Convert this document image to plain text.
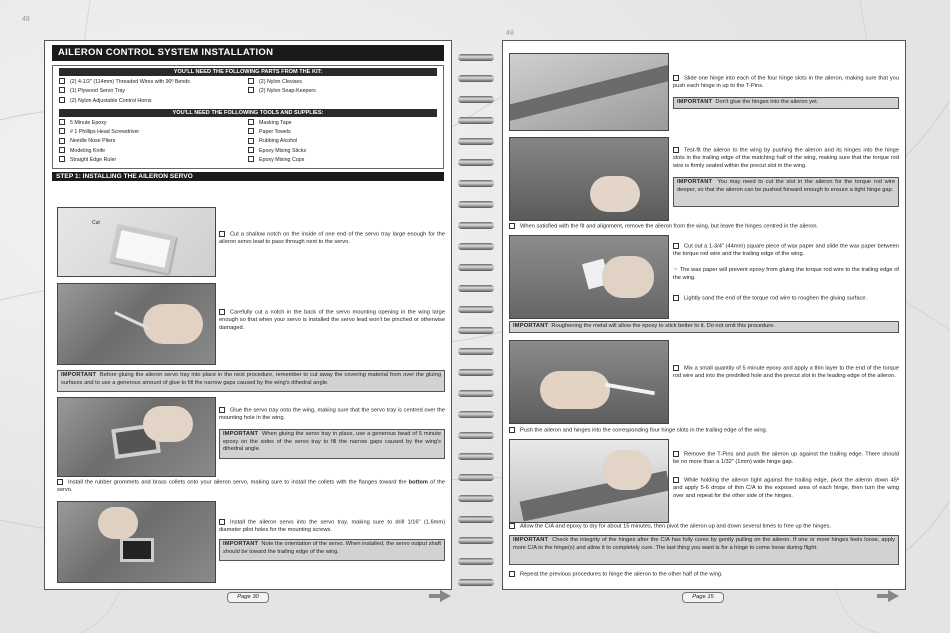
48
48
AILERON CONTROL SYSTEM INSTALLATION
YOU'LL NEED THE FOLLOWING PARTS FROM THE KIT:
(2) 4-1/2" (114mm) Threaded Wires with 90º Bends
(1) Plywood Servo Tray
(2) Nylon Adjustable Control Horns
(2) Nylon Clevises
(2) Nylon Snap-Keepers
YOU'LL NEED THE FOLLOWING TOOLS AND SUPPLIES:
5 Minute Epoxy
# 1 Phillips Head Screwdriver
Needle Nose Pliers
Modeling Knife
Straight Edge Ruler
Masking Tape
Paper Towels
Rubbing Alcohol
Epoxy Mixing Sticks
Epoxy Mixing Cups
STEP 1: INSTALLING THE AILERON SERVO
Cut
Cut a shallow notch on the inside of one end of the servo tray large enough for the aileron servo lead to pass through next to the servo.
Carefully cut a notch in the back of the servo mounting opening in the wing large enough so that when your servo is installed the servo lead won't be pinched or otherwise damaged.
IMPORTANT Before gluing the aileron servo tray into place in the next procedure, remember to cut away the covering material from over the gluing surfaces and to use a generous amount of glue to fill the narrow gaps caused by the wing's dihedral angle.
Glue the servo tray onto the wing, making sure that the servo tray is centred over the mounting hole in the wing.
IMPORTANT When gluing the servo tray in place, use a generous bead of 5 minute epoxy on the sides of the servo tray to fill the narrow gaps caused by the wing's dihedral angle.
Install the rubber grommets and brass collets onto your aileron servo, making sure to install the collets with the flanges toward the bottom of the servo.
Install the aileron servo into the servo tray, making sure to drill 1/16" (1.6mm) diameter pilot holes for the mounting screws.
IMPORTANT Note the orientation of the servo. When installed, the servo output shaft should be toward the trailing edge of the wing.
Page 30
Slide one hinge into each of the four hinge slots in the aileron, making sure that you push each hinge in up to the T-Pins.
IMPORTANT Don't glue the hinges into the aileron yet.
Test-fit the aileron to the wing by pushing the aileron and its hinges into the hinge slots in the trailing edge of the matching half of the wing, making sure that the torque rod wire is firmly seated within the precut slot in the wing.
IMPORTANT You may need to cut the slot in the aileron for the torque rod wire deeper, so that the aileron can be pushed forward enough to ensure a tight hinge gap.
When satisfied with the fit and alignment, remove the aileron from the wing, but leave the hinges centred in the aileron.
Cut out a 1-3/4" (44mm) square piece of wax paper and slide the wax paper between the torque rod wire and the trailing edge of the wing.
☞ The wax paper will prevent epoxy from gluing the torque rod wire to the trailing edge of the wing.
Lightly sand the end of the torque rod wire to roughen the gluing surface.
IMPORTANT Roughening the metal will allow the epoxy to stick better to it. Do not omit this procedure.
Mix a small quantity of 5 minute epoxy and apply a thin layer to the end of the torque rod wire and into the predrilled hole and the precut slot in the leading edge of the aileron.
Push the aileron and hinges into the corresponding four hinge slots in the trailing edge of the wing.
Remove the T-Pins and push the aileron up against the trailing edge. There should be no more than a 1/32" (1mm) wide hinge gap.
While holding the aileron tight against the trailing edge, pivot the aileron down 45º and apply 5-6 drops of thin C/A to the exposed area of each hinge, then turn the wing over and repeat for the other side of the hinges.
Allow the C/A and epoxy to dry for about 15 minutes, then pivot the aileron up and down several times to free up the hinges.
IMPORTANT Check the integrity of the hinges after the C/A has fully cures by gently pulling on the aileron. If one or more hinges feels loose, apply more C/A to the hinge(s) and allow it to completely cure. The last thing you want is for a hinge to come loose during flight.
Repeat the previous procedures to hinge the aileron to the other half of the wing.
Page 15
